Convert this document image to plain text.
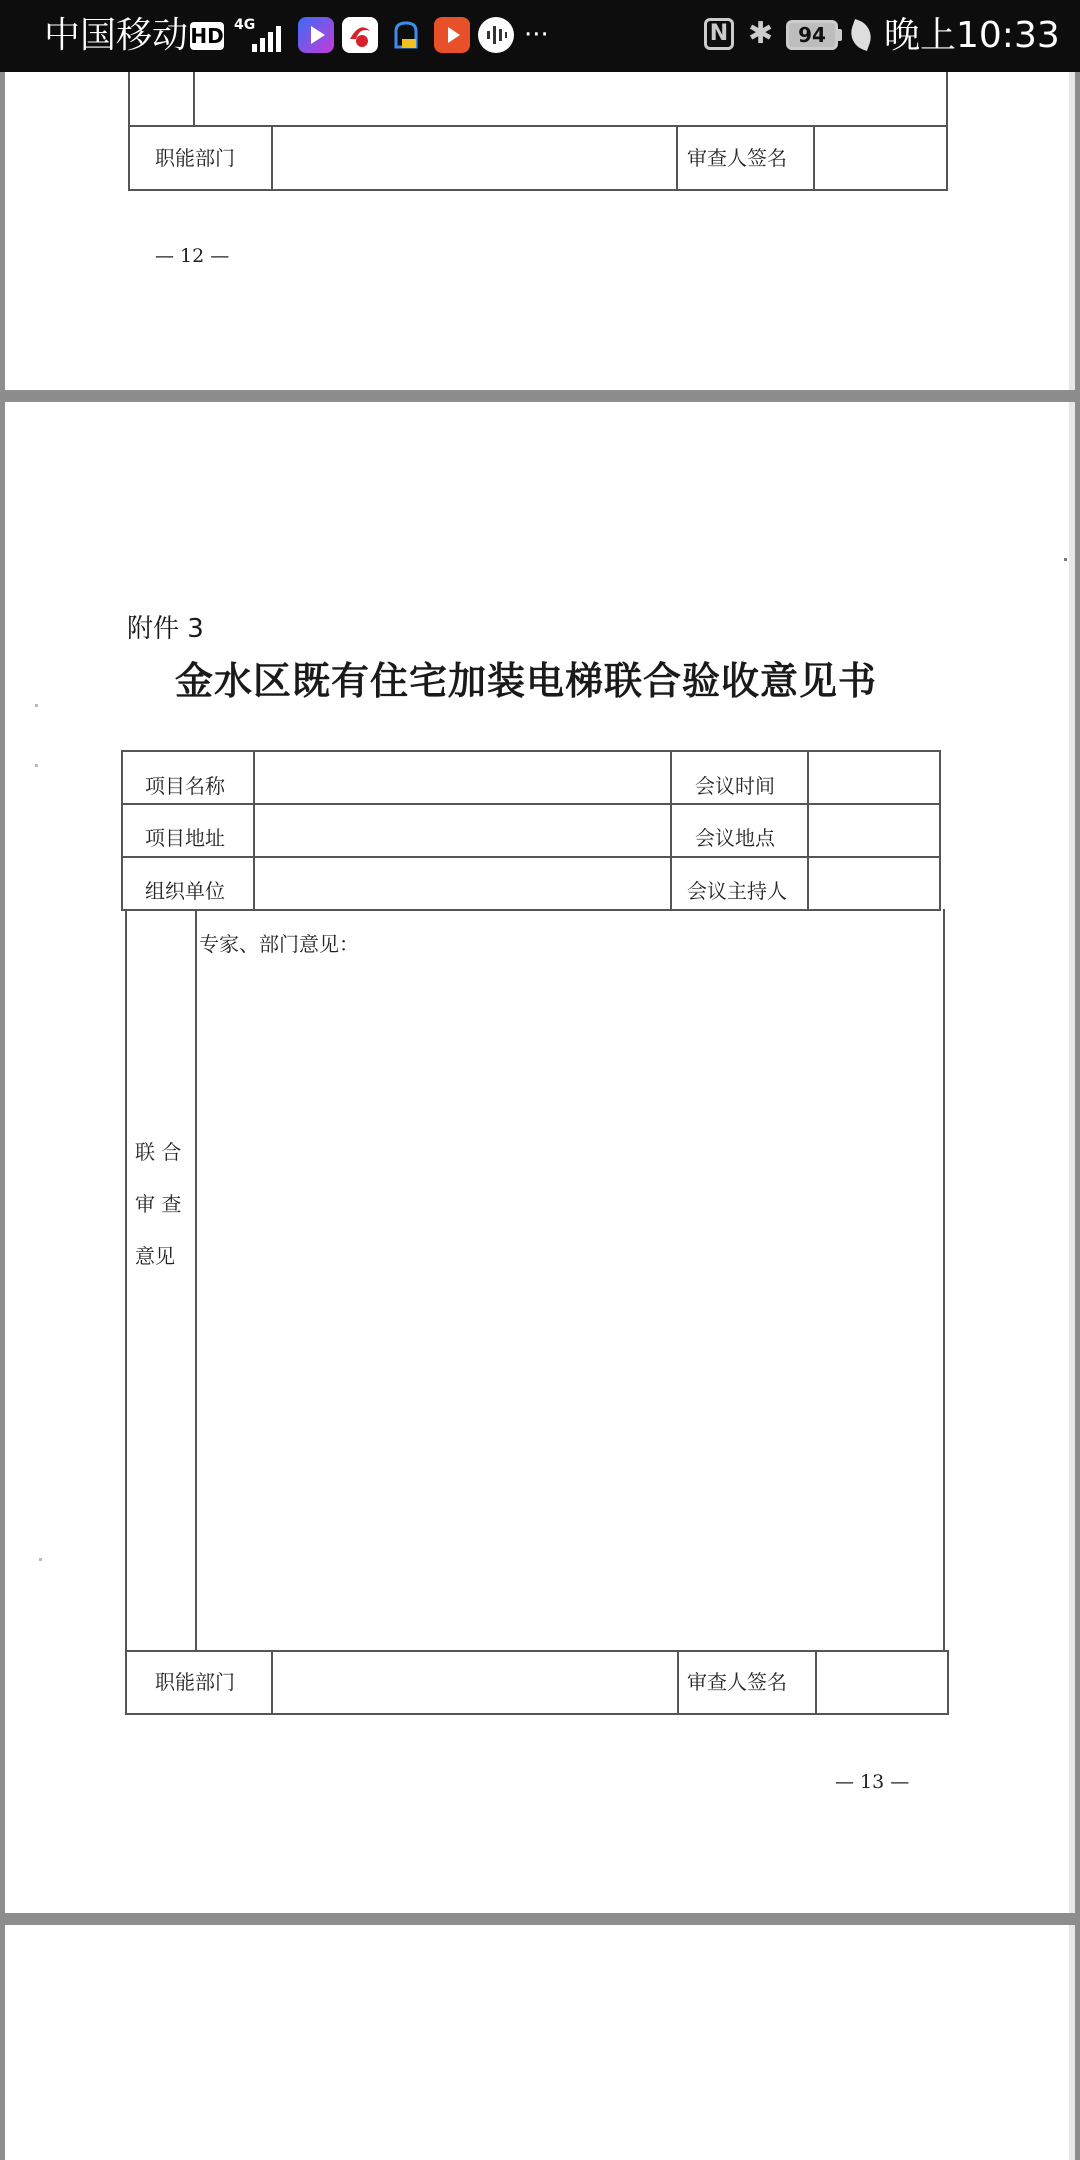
中国移动 HD 4G	···	N ✱	94	晚上10:33
职能部门	审查人签名
— 12 —
附件 3
金水区既有住宅加装电梯联合验收意见书
项目名称	会议时间
项目地址	会议地点
组织单位	会议主持人
专家、部门意见：
联 合
审 查
意见
职能部门	审查人签名
— 13 —
